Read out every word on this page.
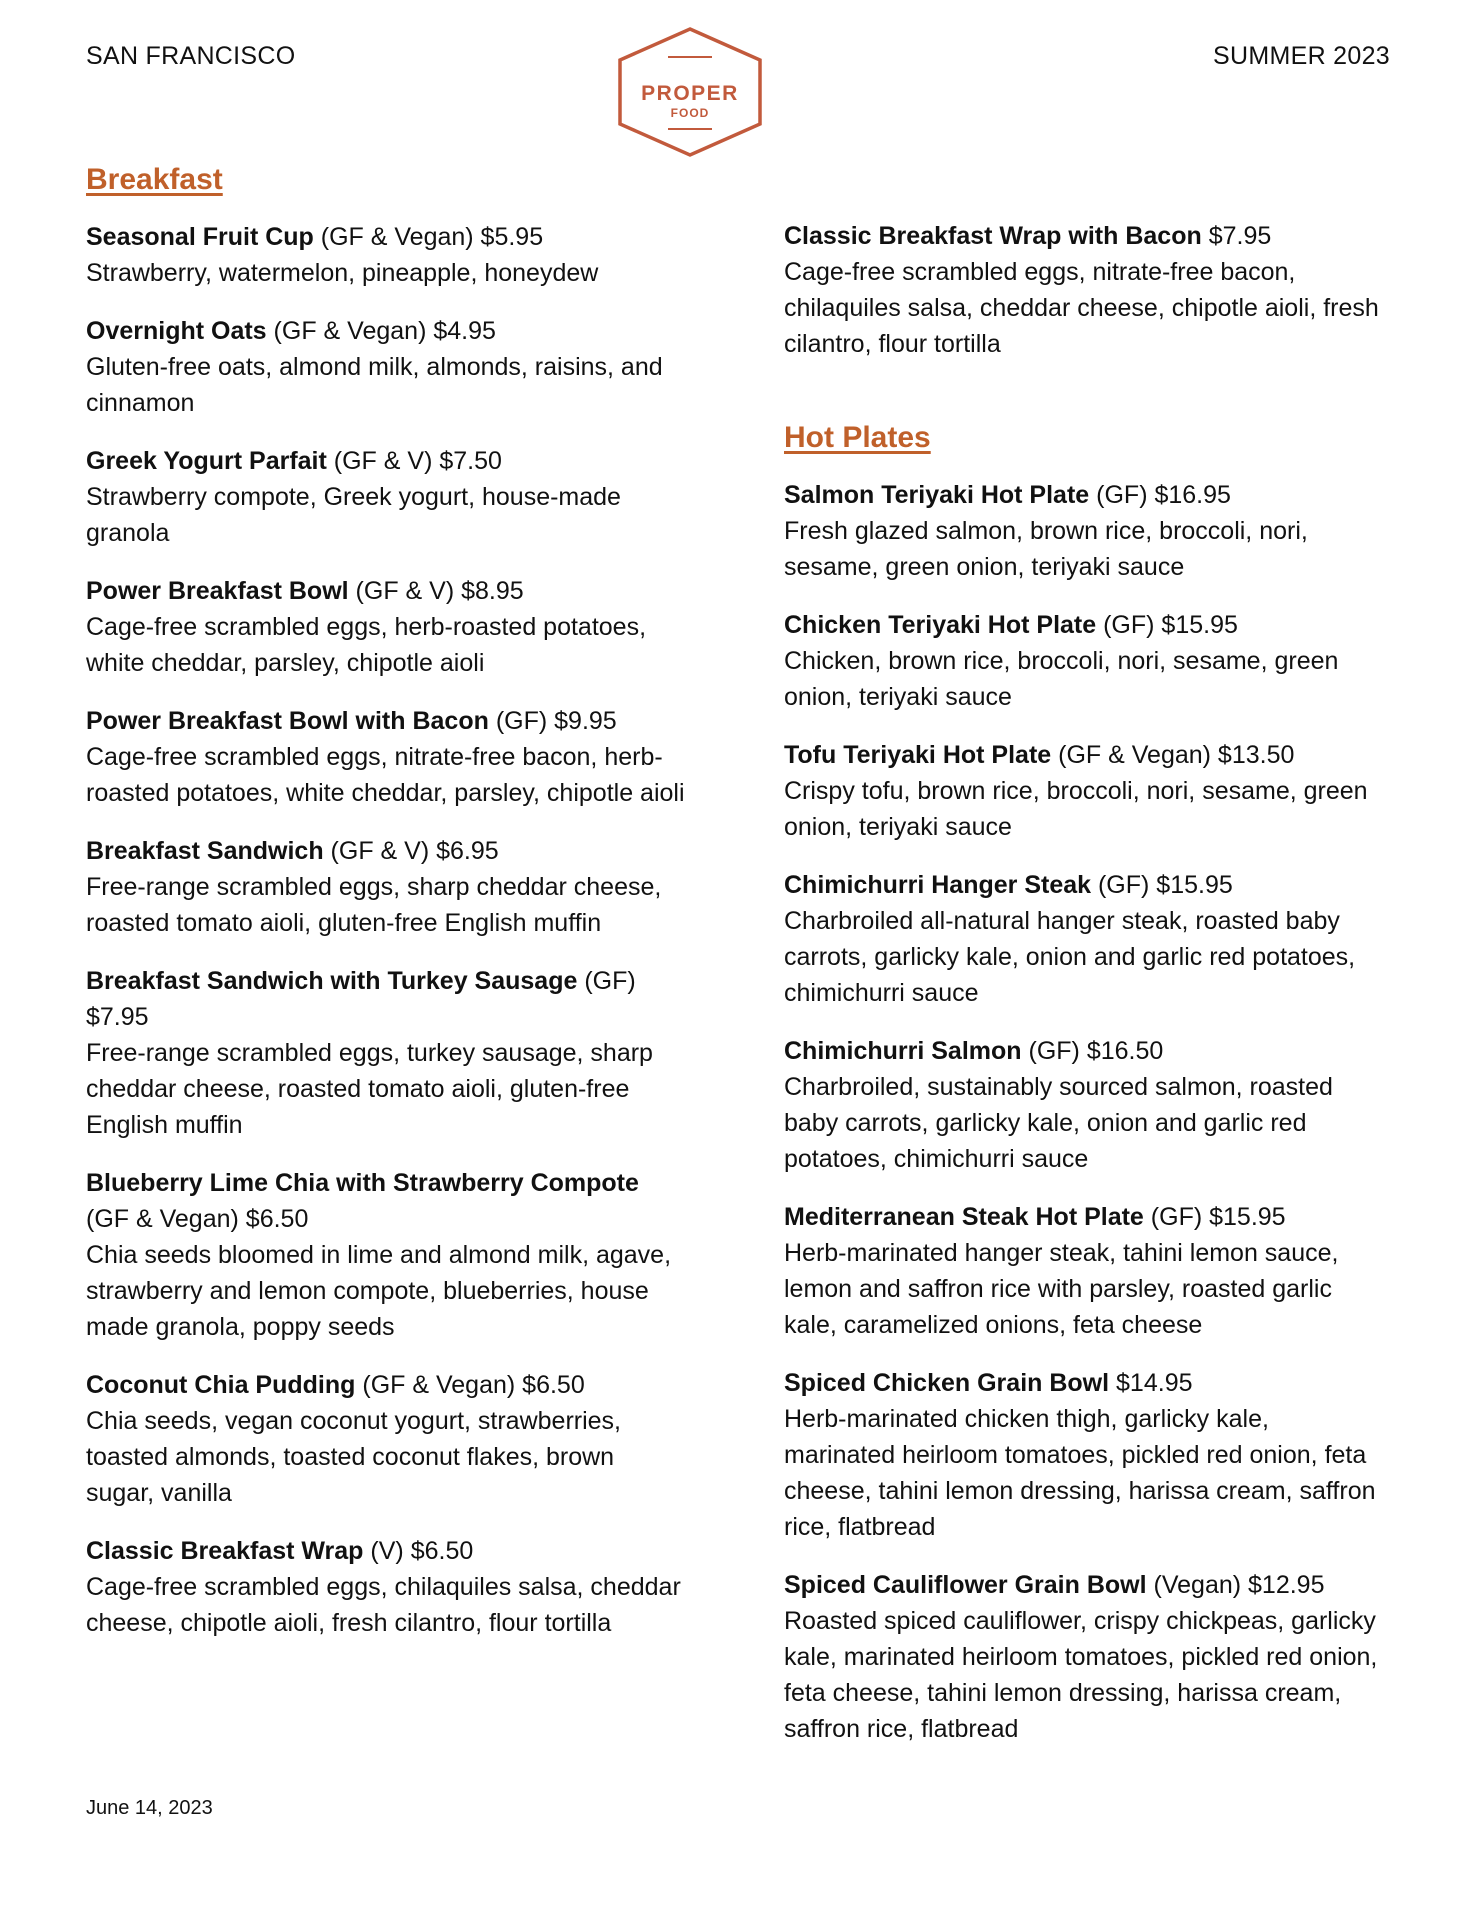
SAN FRANCISCO
PROPER
FOOD
SUMMER 2023
Breakfast
Seasonal Fruit Cup (GF & Vegan) $5.95
Strawberry, watermelon, pineapple, honeydew
Overnight Oats (GF & Vegan) $4.95
Gluten-free oats, almond milk, almonds, raisins, and cinnamon
Greek Yogurt Parfait (GF & V) $7.50
Strawberry compote, Greek yogurt, house-made granola
Power Breakfast Bowl (GF & V) $8.95
Cage-free scrambled eggs, herb-roasted potatoes, white cheddar, parsley, chipotle aioli
Power Breakfast Bowl with Bacon (GF) $9.95
Cage-free scrambled eggs, nitrate-free bacon, herb-roasted potatoes, white cheddar, parsley, chipotle aioli
Breakfast Sandwich (GF & V) $6.95
Free-range scrambled eggs, sharp cheddar cheese, roasted tomato aioli, gluten-free English muffin
Breakfast Sandwich with Turkey Sausage (GF) $7.95
Free-range scrambled eggs, turkey sausage, sharp cheddar cheese, roasted tomato aioli, gluten-free English muffin
Blueberry Lime Chia with Strawberry Compote (GF & Vegan) $6.50
Chia seeds bloomed in lime and almond milk, agave, strawberry and lemon compote, blueberries, house made granola, poppy seeds
Coconut Chia Pudding (GF & Vegan) $6.50
Chia seeds, vegan coconut yogurt, strawberries, toasted almonds, toasted coconut flakes, brown sugar, vanilla
Classic Breakfast Wrap (V) $6.50
Cage-free scrambled eggs, chilaquiles salsa, cheddar cheese, chipotle aioli, fresh cilantro, flour tortilla
Classic Breakfast Wrap with Bacon $7.95
Cage-free scrambled eggs, nitrate-free bacon, chilaquiles salsa, cheddar cheese, chipotle aioli, fresh cilantro, flour tortilla
Hot Plates
Salmon Teriyaki Hot Plate (GF) $16.95
Fresh glazed salmon, brown rice, broccoli, nori, sesame, green onion, teriyaki sauce
Chicken Teriyaki Hot Plate (GF) $15.95
Chicken, brown rice, broccoli, nori, sesame, green onion, teriyaki sauce
Tofu Teriyaki Hot Plate (GF & Vegan) $13.50
Crispy tofu, brown rice, broccoli, nori, sesame, green onion, teriyaki sauce
Chimichurri Hanger Steak (GF) $15.95
Charbroiled all-natural hanger steak, roasted baby carrots, garlicky kale, onion and garlic red potatoes, chimichurri sauce
Chimichurri Salmon (GF) $16.50
Charbroiled, sustainably sourced salmon, roasted baby carrots, garlicky kale, onion and garlic red potatoes, chimichurri sauce
Mediterranean Steak Hot Plate (GF) $15.95
Herb-marinated hanger steak, tahini lemon sauce, lemon and saffron rice with parsley, roasted garlic kale, caramelized onions, feta cheese
Spiced Chicken Grain Bowl $14.95
Herb-marinated chicken thigh, garlicky kale, marinated heirloom tomatoes, pickled red onion, feta cheese, tahini lemon dressing, harissa cream, saffron rice, flatbread
Spiced Cauliflower Grain Bowl (Vegan) $12.95
Roasted spiced cauliflower, crispy chickpeas, garlicky kale, marinated heirloom tomatoes, pickled red onion, feta cheese, tahini lemon dressing, harissa cream, saffron rice, flatbread
June 14, 2023
